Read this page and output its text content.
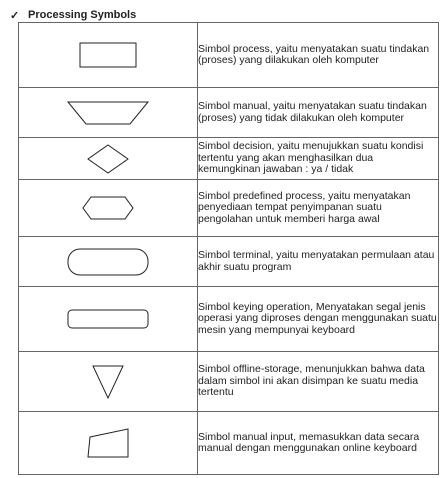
✓ Processing Symbols
	Simbol process, yaitu menyatakan suatu tindakan (proses) yang dilakukan oleh komputer

	Simbol manual, yaitu menyatakan suatu tindakan (proses) yang tidak dilakukan oleh komputer

	Simbol decision, yaitu menujukkan suatu kondisi tertentu yang akan menghasilkan dua kemungkinan jawaban : ya / tidak

	Simbol predefined process, yaitu menyatakan penyediaan tempat penyimpanan suatu pengolahan untuk memberi harga awal

	Simbol terminal, yaitu menyatakan permulaan atau akhir suatu program

	Simbol keying operation, Menyatakan segal jenis operasi yang diproses dengan menggunakan suatu mesin yang mempunyai keyboard

	Simbol offline-storage, menunjukkan bahwa data dalam simbol ini akan disimpan ke suatu media tertentu

	Simbol manual input, memasukkan data secara manual dengan menggunakan online keyboard
